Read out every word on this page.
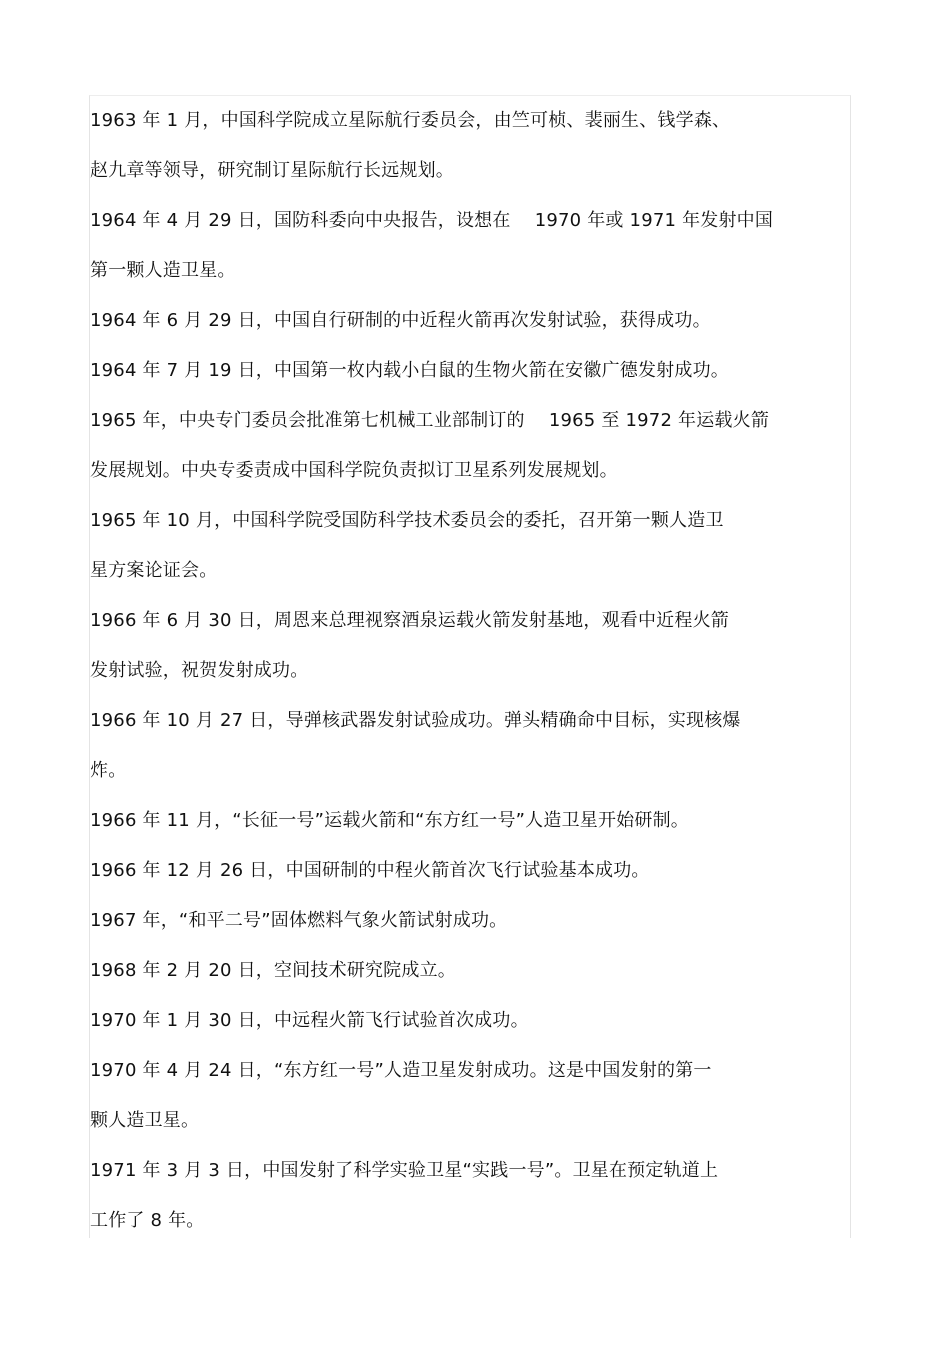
1963 年 1 月，中国科学院成立星际航行委员会，由竺可桢、裴丽生、钱学森、
赵九章等领导，研究制订星际航行长远规划。
1964 年 4 月 29 日，国防科委向中央报告，设想在　 1970 年或 1971 年发射中国
第一颗人造卫星。
1964 年 6 月 29 日，中国自行研制的中近程火箭再次发射试验，获得成功。
1964 年 7 月 19 日，中国第一枚内载小白鼠的生物火箭在安徽广德发射成功。
1965 年，中央专门委员会批准第七机械工业部制订的　 1965 至 1972 年运载火箭
发展规划。中央专委责成中国科学院负责拟订卫星系列发展规划。
1965 年 10 月，中国科学院受国防科学技术委员会的委托，召开第一颗人造卫
星方案论证会。
1966 年 6 月 30 日，周恩来总理视察酒泉运载火箭发射基地，观看中近程火箭
发射试验，祝贺发射成功。
1966 年 10 月 27 日，导弹核武器发射试验成功。弹头精确命中目标，实现核爆
炸。
1966 年 11 月，“长征一号”运载火箭和“东方红一号”人造卫星开始研制。
1966 年 12 月 26 日，中国研制的中程火箭首次飞行试验基本成功。
1967 年，“和平二号”固体燃料气象火箭试射成功。
1968 年 2 月 20 日，空间技术研究院成立。
1970 年 1 月 30 日，中远程火箭飞行试验首次成功。
1970 年 4 月 24 日，“东方红一号”人造卫星发射成功。这是中国发射的第一
颗人造卫星。
1971 年 3 月 3 日，中国发射了科学实验卫星“实践一号”。卫星在预定轨道上
工作了 8 年。
